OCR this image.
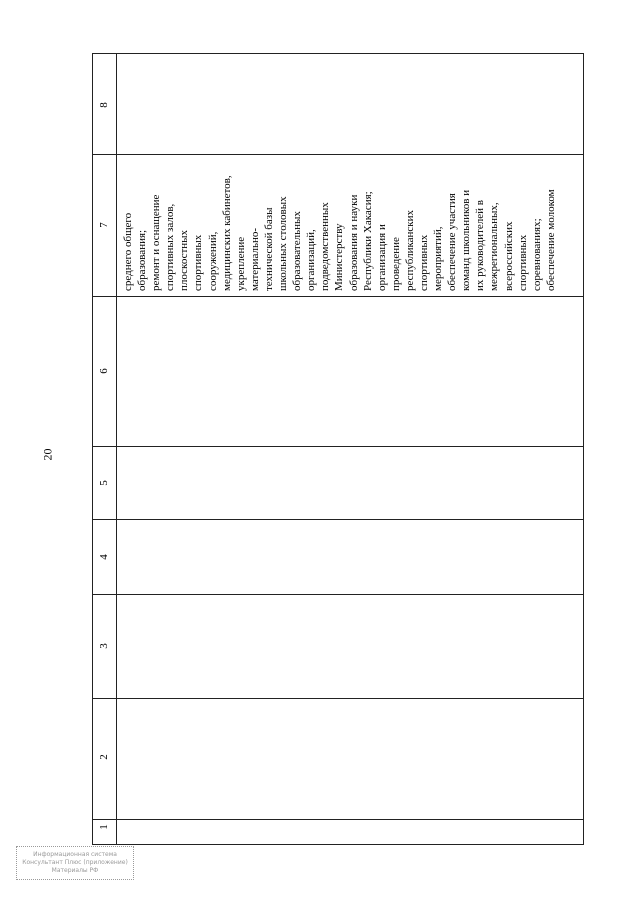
20
8
7
6
5
4
3
2
1
среднего общего образования; ремонт и оснащение спортивных залов, плоскостных спортивных сооружений, медицинских кабинетов, укрепление материально- технической базы школьных столовых образовательных организаций, подведомственных Министерству образования и науки Республики Хакасия; организация и проведение республиканских спортивных мероприятий, обеспечение участия команд школьников и их руководителей в межрегиональных, всероссийских спортивных соревнованиях; обеспечение молоком
Информационная система
Консультант Плюс (приложение)
Материалы РФ
